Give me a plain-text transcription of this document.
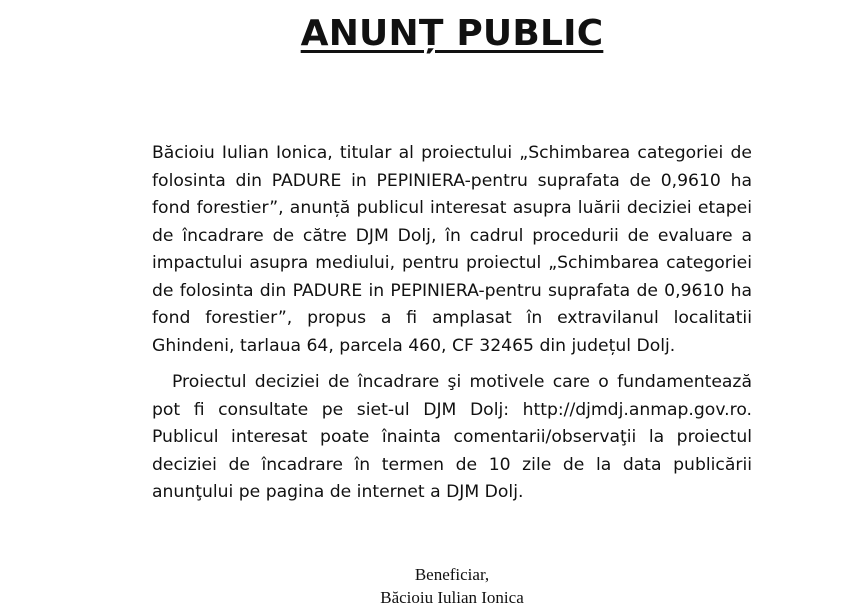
ANUNȚ PUBLIC

Băcioiu Iulian Ionica, titular al proiectului „Schimbarea categoriei de folosinta din PADURE in PEPINIERA-pentru suprafata de 0,9610 ha fond forestier”, anunță publicul interesat asupra luării deciziei etapei de încadrare de către DJM Dolj, în cadrul procedurii de evaluare a impactului asupra mediului, pentru proiectul „Schimbarea categoriei de folosinta din PADURE in PEPINIERA-pentru suprafata de 0,9610 ha fond forestier”, propus a fi amplasat în extravilanul localitatii Ghindeni, tarlaua 64, parcela 460, CF 32465 din județul Dolj.

Proiectul deciziei de încadrare şi motivele care o fundamentează pot fi consultate pe siet-ul DJM Dolj: http://djmdj.anmap.gov.ro. Publicul interesat poate înainta comentarii/observaţii la proiectul deciziei de încadrare în termen de 10 zile de la data publicării anunţului pe pagina de internet a DJM Dolj.

Beneficiar,
Băcioiu Iulian Ionica
